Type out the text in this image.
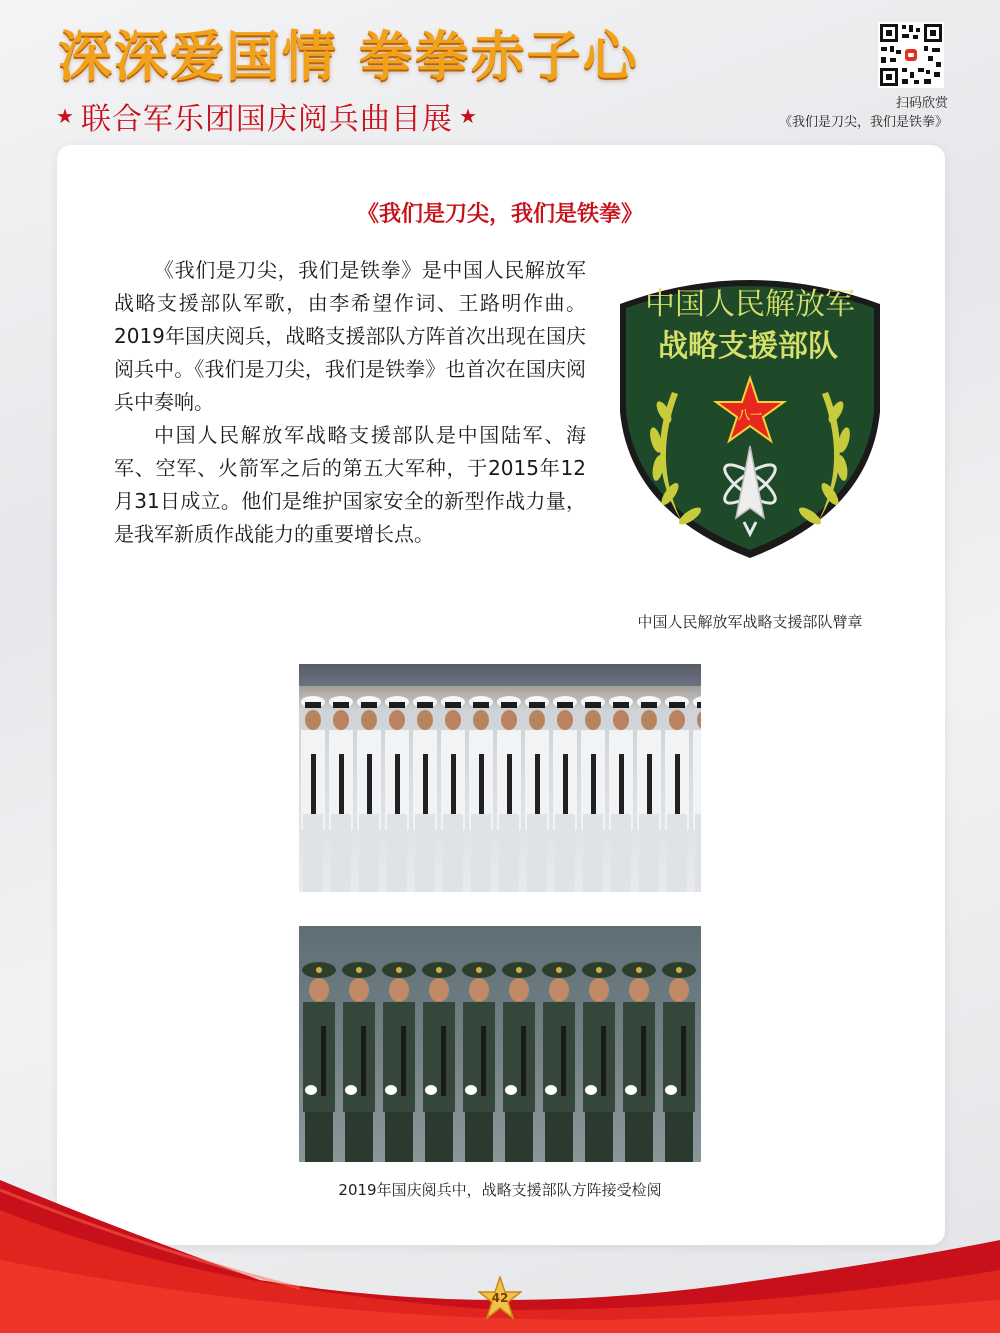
深深爱国情 拳拳赤子心
★ 联合军乐团国庆阅兵曲目展 ★
扫码欣赏
《我们是刀尖，我们是铁拳》
《我们是刀尖，我们是铁拳》

《我们是刀尖，我们是铁拳》是中国人民解放军战略支援部队军歌，由李希望作词、王路明作曲。2019年国庆阅兵，战略支援部队方阵首次出现在国庆阅兵中。《我们是刀尖，我们是铁拳》也首次在国庆阅兵中奏响。

中国人民解放军战略支援部队是中国陆军、海军、空军、火箭军之后的第五大军种，于2015年12月31日成立。他们是维护国家安全的新型作战力量，是我军新质作战能力的重要增长点。

中国人民解放军
战略支援部队
八一

中国人民解放军战略支援部队臂章

2019年国庆阅兵中，战略支援部队方阵接受检阅

42
